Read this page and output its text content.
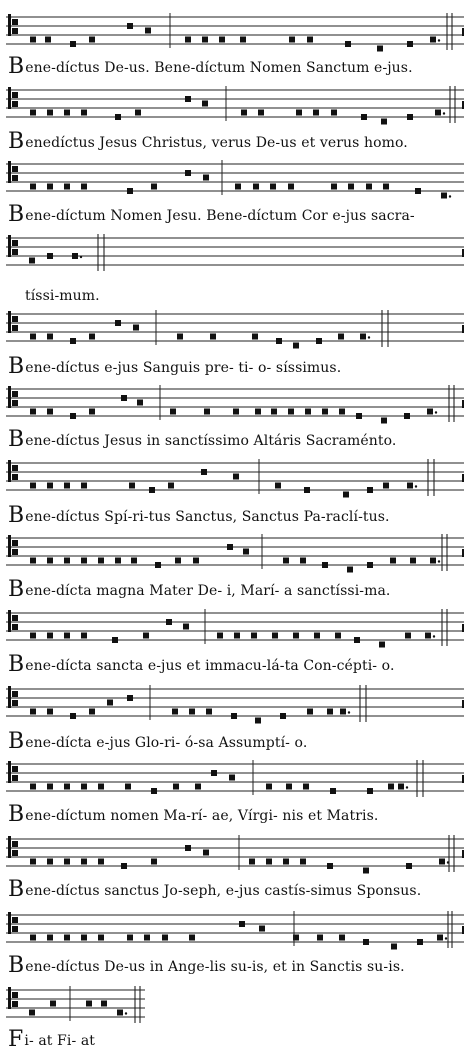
Bene-díctus De-us. Bene-díctum Nomen Sanctum e-jus.
Benedíctus Jesus Christus, verus De-us et verus homo.
Bene-díctum Nomen Jesu. Bene-díctum Cor e-jus sacra-
tíssi-mum.
Bene-díctus e-jus Sanguis pre- ti- o- síssimus.
Bene-díctus Jesus in sanctíssimo Altáris Sacraménto.
Bene-díctus Spí-ri-tus Sanctus, Sanctus Pa-raclí-tus.
Bene-dícta magna Mater De- i, Marí- a sanctíssi-ma.
Bene-dícta sancta e-jus et immacu-lá-ta Con-cépti- o.
Bene-dícta e-jus Glo-ri- ó-sa Assumptí- o.
Bene-díctum nomen Ma-rí- ae, Vírgi- nis et Matris.
Bene-díctus sanctus Jo-seph, e-jus castís-simus Sponsus.
Bene-díctus De-us in Ange-lis su-is, et in Sanctis su-is.
Fi- at Fi- at
